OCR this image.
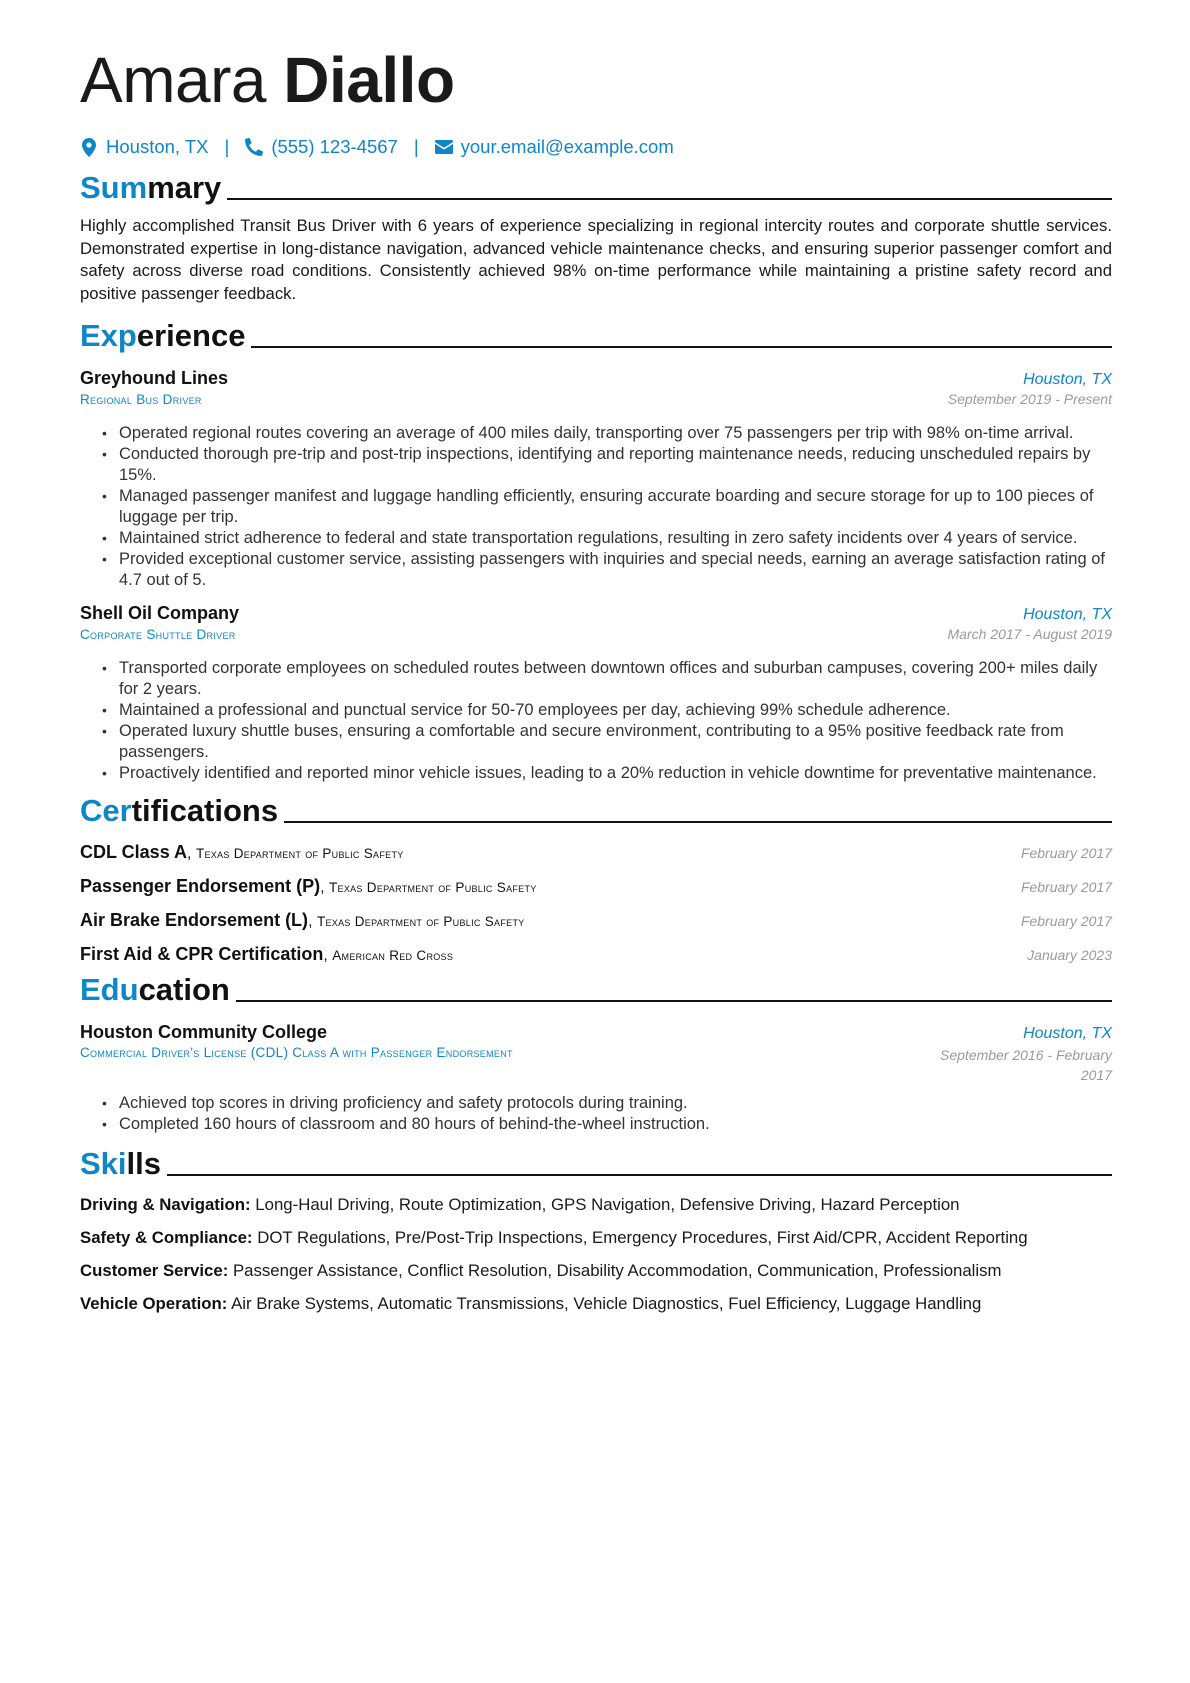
Amara Diallo
Houston, TX | (555) 123-4567 | your.email@example.com
Summary

Highly accomplished Transit Bus Driver with 6 years of experience specializing in regional intercity routes and corporate shuttle services. Demonstrated expertise in long-distance navigation, advanced vehicle maintenance checks, and ensuring superior passenger comfort and safety across diverse road conditions. Consistently achieved 98% on-time performance while maintaining a pristine safety record and positive passenger feedback.

Experience
Greyhound Lines	Houston, TX
Regional Bus Driver	September 2019 - Present
• Operated regional routes covering an average of 400 miles daily, transporting over 75 passengers per trip with 98% on-time arrival.
• Conducted thorough pre-trip and post-trip inspections, identifying and reporting maintenance needs, reducing unscheduled repairs by 15%.
• Managed passenger manifest and luggage handling efficiently, ensuring accurate boarding and secure storage for up to 100 pieces of luggage per trip.
• Maintained strict adherence to federal and state transportation regulations, resulting in zero safety incidents over 4 years of service.
• Provided exceptional customer service, assisting passengers with inquiries and special needs, earning an average satisfaction rating of 4.7 out of 5.
Shell Oil Company	Houston, TX
Corporate Shuttle Driver	March 2017 - August 2019
• Transported corporate employees on scheduled routes between downtown offices and suburban campuses, covering 200+ miles daily for 2 years.
• Maintained a professional and punctual service for 50-70 employees per day, achieving 99% schedule adherence.
• Operated luxury shuttle buses, ensuring a comfortable and secure environment, contributing to a 95% positive feedback rate from passengers.
• Proactively identified and reported minor vehicle issues, leading to a 20% reduction in vehicle downtime for preventative maintenance.
Certifications
CDL Class A, Texas Department of Public Safety	February 2017
Passenger Endorsement (P), Texas Department of Public Safety	February 2017
Air Brake Endorsement (L), Texas Department of Public Safety	February 2017
First Aid & CPR Certification, American Red Cross	January 2023
Education
Houston Community College	Houston, TX
Commercial Driver's License (CDL) Class A with Passenger Endorsement	September 2016 - February
2017
• Achieved top scores in driving proficiency and safety protocols during training.
• Completed 160 hours of classroom and 80 hours of behind-the-wheel instruction.
Skills
Driving & Navigation: Long-Haul Driving, Route Optimization, GPS Navigation, Defensive Driving, Hazard Perception
Safety & Compliance: DOT Regulations, Pre/Post-Trip Inspections, Emergency Procedures, First Aid/CPR, Accident Reporting
Customer Service: Passenger Assistance, Conflict Resolution, Disability Accommodation, Communication, Professionalism
Vehicle Operation: Air Brake Systems, Automatic Transmissions, Vehicle Diagnostics, Fuel Efficiency, Luggage Handling
